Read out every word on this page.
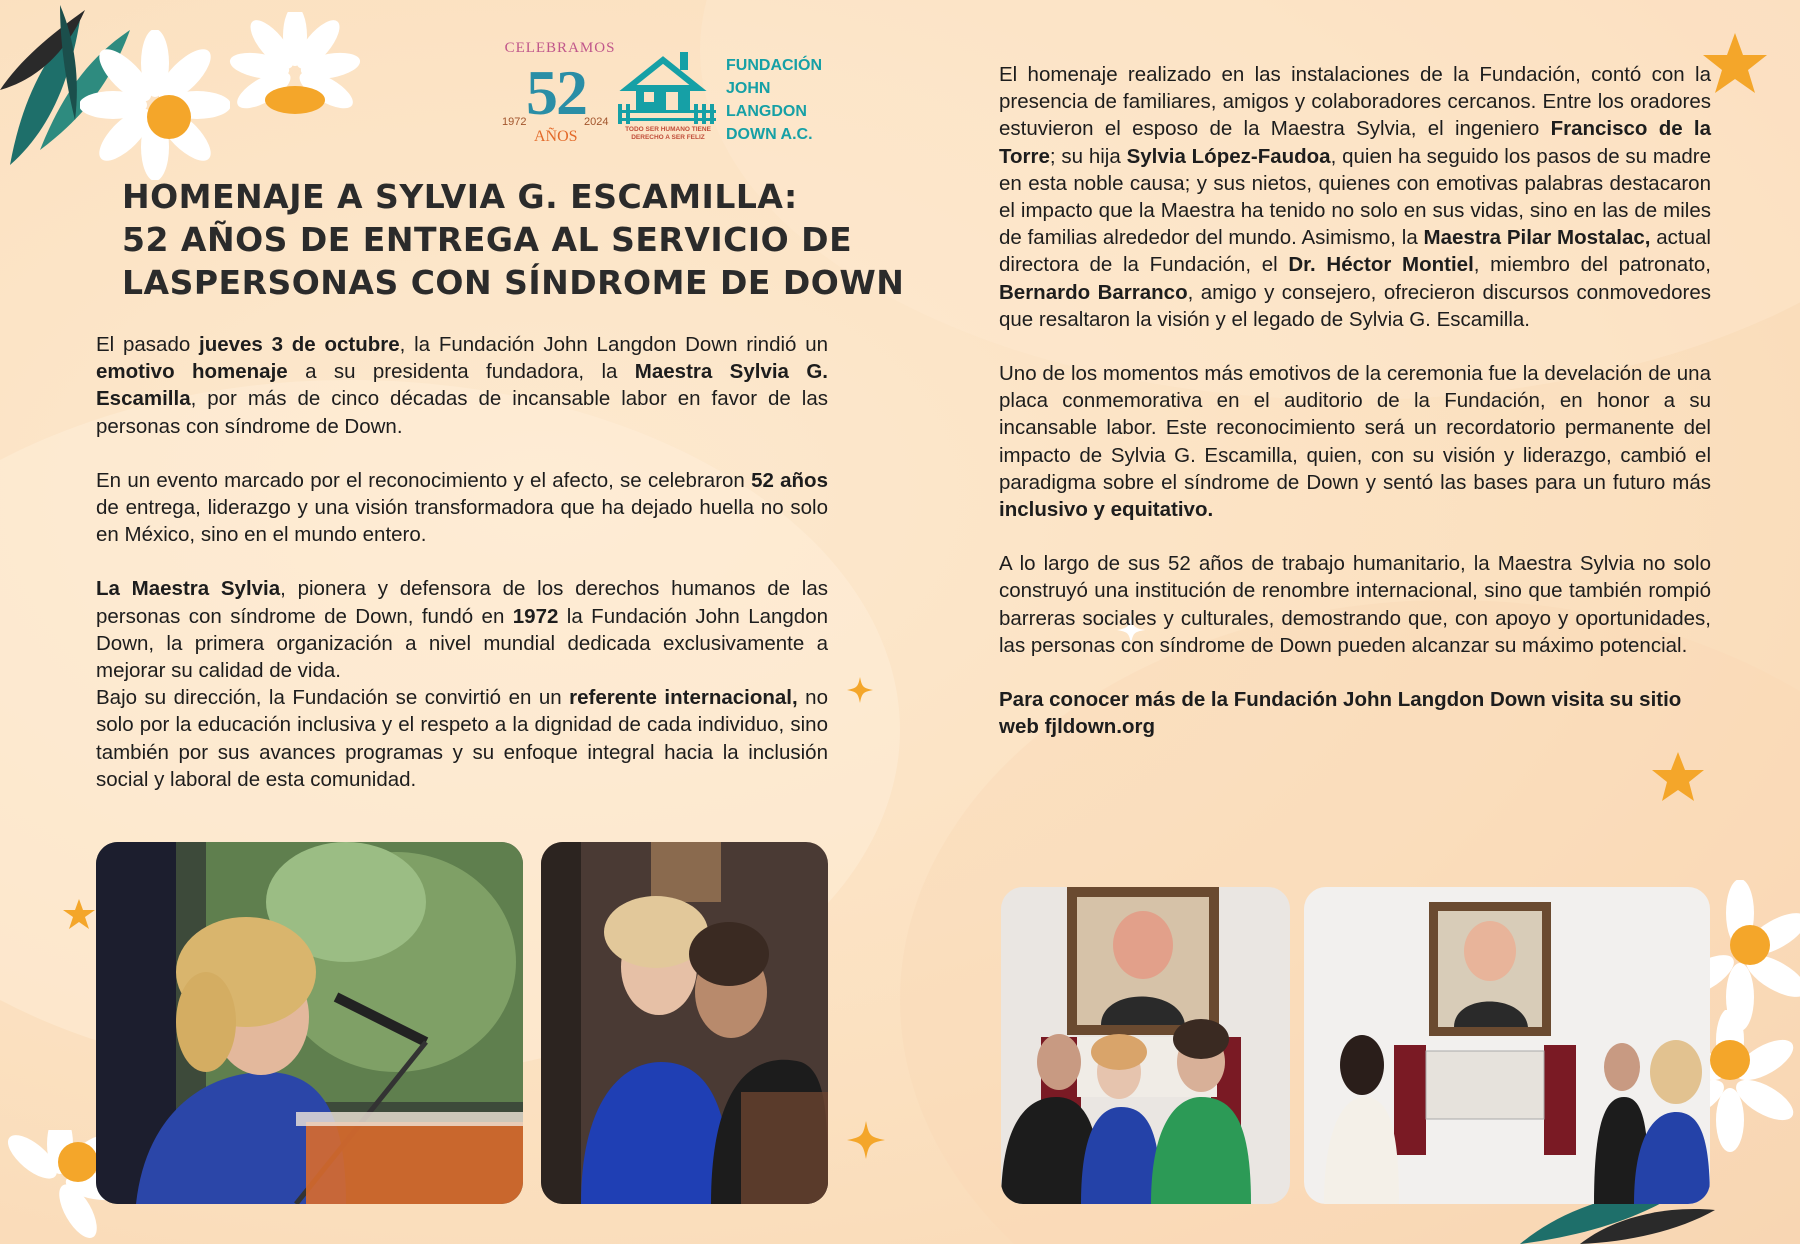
CELEBRAMOS
52
1972	2024
AÑOS	TODO SER HUMANO TIENE DERECHO A SER FELIZ
FUNDACIÓN
JOHN
LANGDON
DOWN A.C.
HOMENAJE A SYLVIA G. ESCAMILLA:
52 AÑOS DE ENTREGA AL SERVICIO DE
LASPERSONAS CON SÍNDROME DE DOWN

El pasado jueves 3 de octubre, la Fundación John Langdon Down rindió un emotivo homenaje a su presidenta fundadora, la Maestra Sylvia G. Escamilla, por más de cinco décadas de incansable labor en favor de las personas con síndrome de Down.

En un evento marcado por el reconocimiento y el afecto, se celebraron 52 años de entrega, liderazgo y una visión transformadora que ha dejado huella no solo en México, sino en el mundo entero.

La Maestra Sylvia, pionera y defensora de los derechos humanos de las personas con síndrome de Down, fundó en 1972 la Fundación John Langdon Down, la primera organización a nivel mundial dedicada exclusivamente a mejorar su calidad de vida.

Bajo su dirección, la Fundación se convirtió en un referente internacional, no solo por la educación inclusiva y el respeto a la dignidad de cada individuo, sino también por sus avances programas y su enfoque integral hacia la inclusión social y laboral de esta comunidad.

El homenaje realizado en las instalaciones de la Fundación, contó con la presencia de familiares, amigos y colaboradores cercanos. Entre los oradores estuvieron el esposo de la Maestra Sylvia, el ingeniero Francisco de la Torre; su hija Sylvia López-Faudoa, quien ha seguido los pasos de su madre en esta noble causa; y sus nietos, quienes con emotivas palabras destacaron el impacto que la Maestra ha tenido no solo en sus vidas, sino en las de miles de familias alrededor del mundo. Asimismo, la Maestra Pilar Mostalac, actual directora de la Fundación, el Dr. Héctor Montiel, miembro del patronato, Bernardo Barranco, amigo y consejero, ofrecieron discursos conmovedores que resaltaron la visión y el legado de Sylvia G. Escamilla.

Uno de los momentos más emotivos de la ceremonia fue la develación de una placa conmemorativa en el auditorio de la Fundación, en honor a su incansable labor. Este reconocimiento será un recordatorio permanente del impacto de Sylvia G. Escamilla, quien, con su visión y liderazgo, cambió el paradigma sobre el síndrome de Down y sentó las bases para un futuro más inclusivo y equitativo.

A lo largo de sus 52 años de trabajo humanitario, la Maestra Sylvia no solo construyó una institución de renombre internacional, sino que también rompió barreras sociales y culturales, demostrando que, con apoyo y oportunidades, las personas con síndrome de Down pueden alcanzar su máximo potencial.

Para conocer más de la Fundación John Langdon Down visita su sitio web fjldown.org
